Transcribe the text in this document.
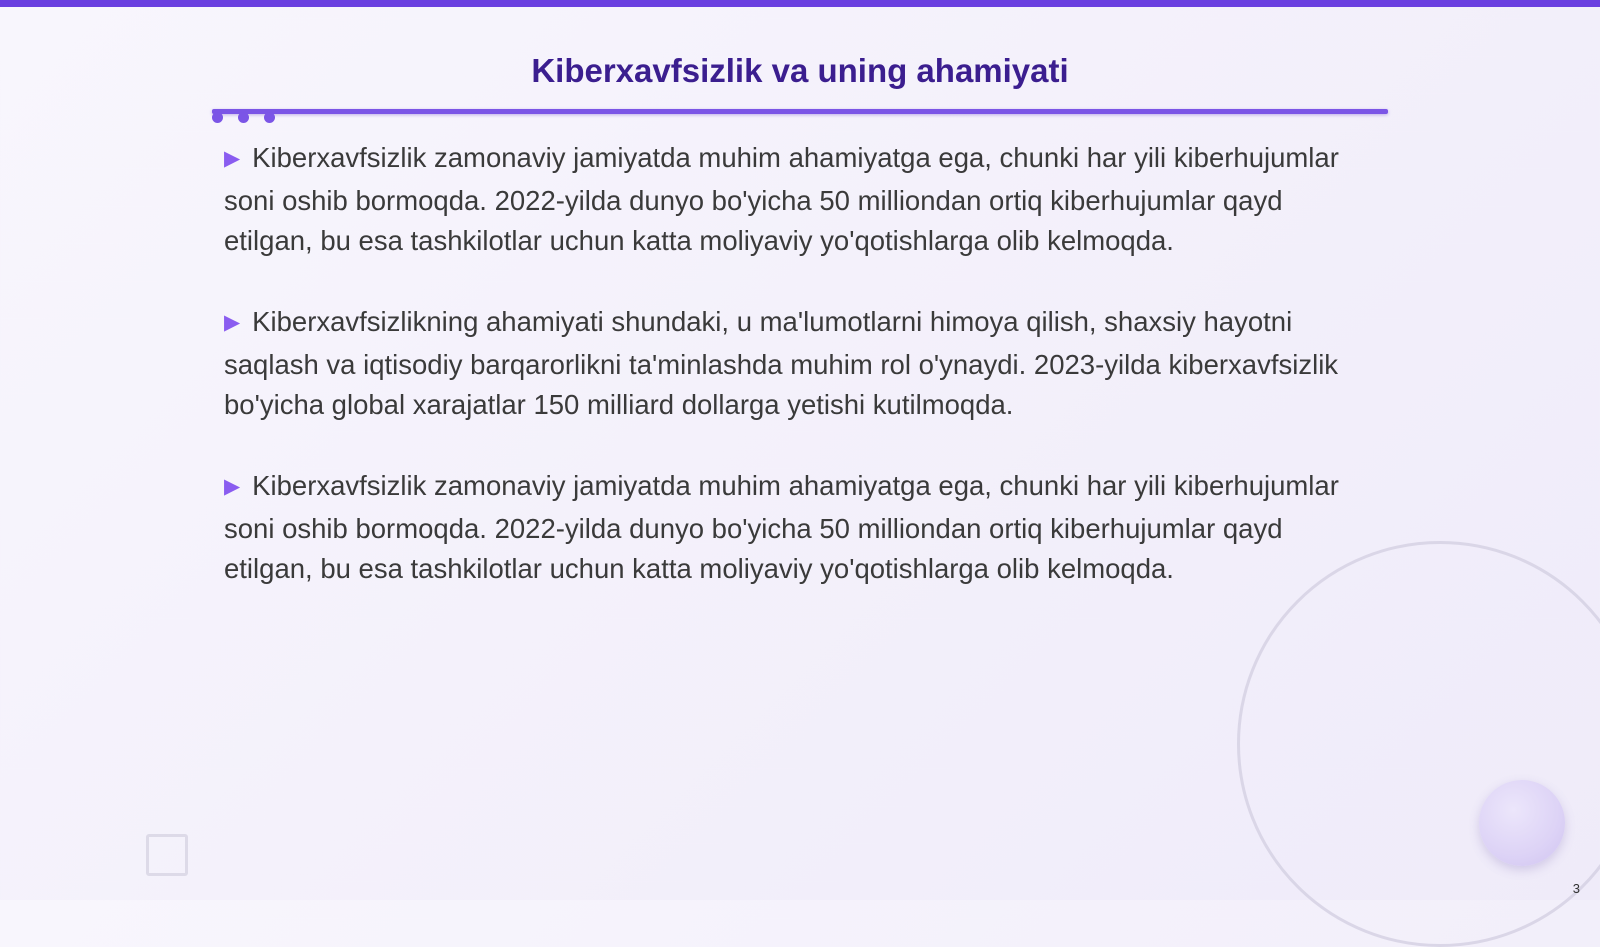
Kiberxavfsizlik va uning ahamiyati

▶ Kiberxavfsizlik zamonaviy jamiyatda muhim ahamiyatga ega, chunki har yili kiberhujumlar soni oshib bormoqda. 2022-yilda dunyo bo'yicha 50 milliondan ortiq kiberhujumlar qayd etilgan, bu esa tashkilotlar uchun katta moliyaviy yo'qotishlarga olib kelmoqda.

▶ Kiberxavfsizlikning ahamiyati shundaki, u ma'lumotlarni himoya qilish, shaxsiy hayotni saqlash va iqtisodiy barqarorlikni ta'minlashda muhim rol o'ynaydi. 2023-yilda kiberxavfsizlik bo'yicha global xarajatlar 150 milliard dollarga yetishi kutilmoqda.

▶ Kiberxavfsizlik zamonaviy jamiyatda muhim ahamiyatga ega, chunki har yili kiberhujumlar soni oshib bormoqda. 2022-yilda dunyo bo'yicha 50 milliondan ortiq kiberhujumlar qayd etilgan, bu esa tashkilotlar uchun katta moliyaviy yo'qotishlarga olib kelmoqda.

3
